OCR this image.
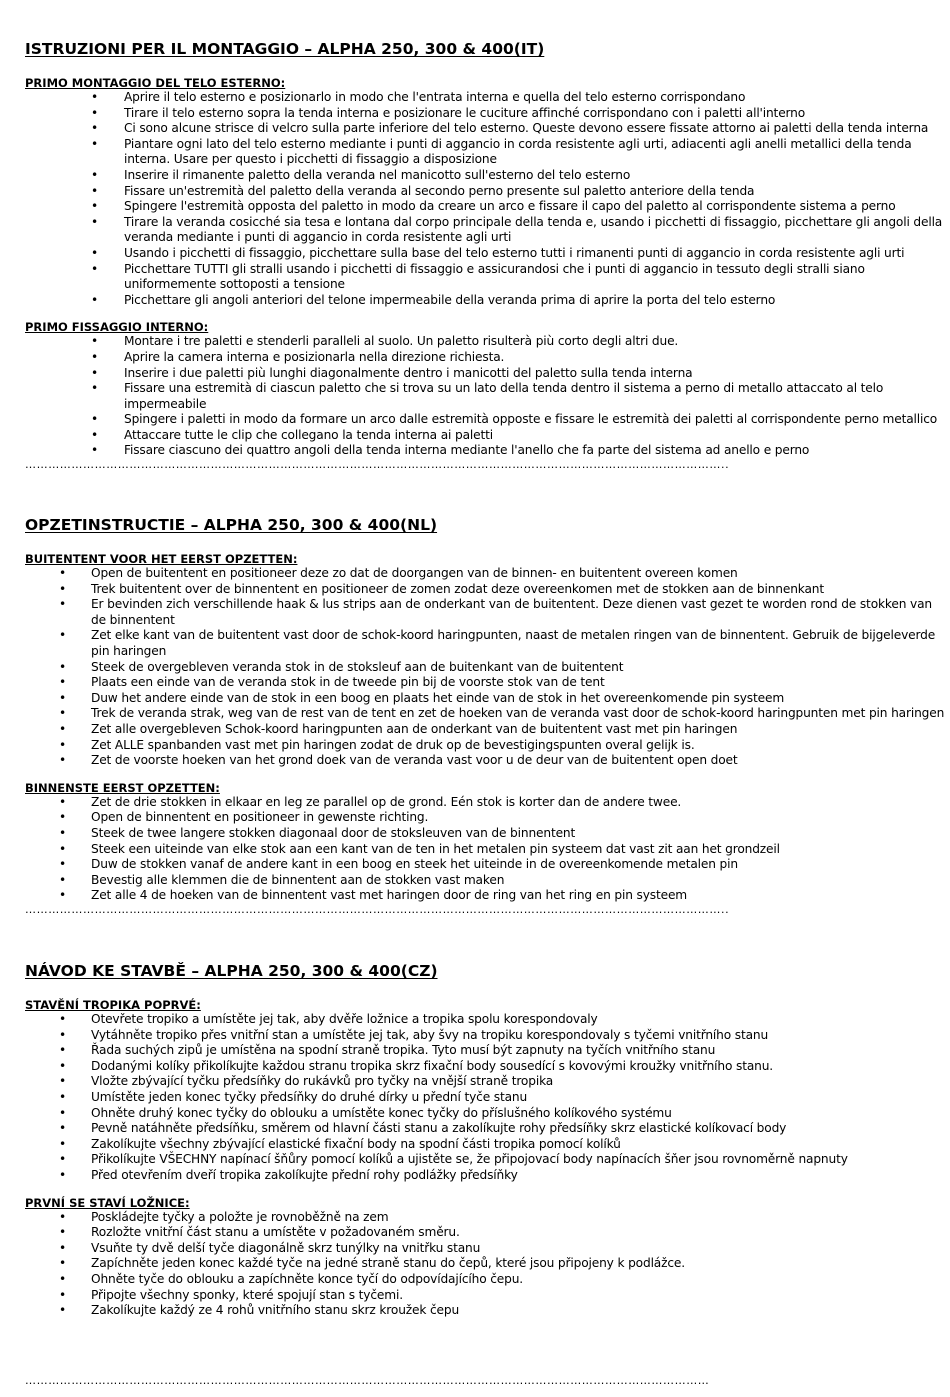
ISTRUZIONI PER IL MONTAGGIO – ALPHA 250, 300 & 400(IT)
PRIMO MONTAGGIO DEL TELO ESTERNO:
• Aprire il telo esterno e posizionarlo in modo che l'entrata interna e quella del telo esterno corrispondano
• Tirare il telo esterno sopra la tenda interna e posizionare le cuciture affinché corrispondano con i paletti all'interno
• Ci sono alcune strisce di velcro sulla parte inferiore del telo esterno. Queste devono essere fissate attorno ai paletti della tenda interna
• Piantare ogni lato del telo esterno mediante i punti di aggancio in corda resistente agli urti, adiacenti agli anelli metallici della tenda interna. Usare per questo i picchetti di fissaggio a disposizione
• Inserire il rimanente paletto della veranda nel manicotto sull'esterno del telo esterno
• Fissare un'estremità del paletto della veranda al secondo perno presente sul paletto anteriore della tenda
• Spingere l'estremità opposta del paletto in modo da creare un arco e fissare il capo del paletto al corrispondente sistema a perno
• Tirare la veranda cosicché sia tesa e lontana dal corpo principale della tenda e, usando i picchetti di fissaggio, picchettare gli angoli della veranda mediante i punti di aggancio in corda resistente agli urti
• Usando i picchetti di fissaggio, picchettare sulla base del telo esterno tutti i rimanenti punti di aggancio in corda resistente agli urti
• Picchettare TUTTI gli stralli usando i picchetti di fissaggio e assicurandosi che i punti di aggancio in tessuto degli stralli siano uniformemente sottoposti a tensione
• Picchettare gli angoli anteriori del telone impermeabile della veranda prima di aprire la porta del telo esterno
PRIMO FISSAGGIO INTERNO:
• Montare i tre paletti e stenderli paralleli al suolo. Un paletto risulterà più corto degli altri due.
• Aprire la camera interna e posizionarla nella direzione richiesta.
• Inserire i due paletti più lunghi diagonalmente dentro i manicotti del paletto sulla tenda interna
• Fissare una estremità di ciascun paletto che si trova su un lato della tenda dentro il sistema a perno di metallo attaccato al telo impermeabile
• Spingere i paletti in modo da formare un arco dalle estremità opposte e fissare le estremità dei paletti al corrispondente perno metallico
• Attaccare tutte le clip che collegano la tenda interna ai paletti
• Fissare ciascuno dei quattro angoli della tenda interna mediante l'anello che fa parte del sistema ad anello e perno
………………………………………………………………………………………………………………………………………………………………..
OPZETINSTRUCTIE – ALPHA 250, 300 & 400(NL)
BUITENTENT VOOR HET EERST OPZETTEN:
• Open de buitentent en positioneer deze zo dat de doorgangen van de binnen- en buitentent overeen komen
• Trek buitentent over de binnentent en positioneer de zomen zodat deze overeenkomen met de stokken aan de binnenkant
• Er bevinden zich verschillende haak & lus strips aan de onderkant van de buitentent. Deze dienen vast gezet te worden rond de stokken van de binnentent
• Zet elke kant van de buitentent vast door de schok-koord haringpunten, naast de metalen ringen van de binnentent. Gebruik de bijgeleverde pin haringen
• Steek de overgebleven veranda stok in de stoksleuf aan de buitenkant van de buitentent
• Plaats een einde van de veranda stok in de tweede pin bij de voorste stok van de tent
• Duw het andere einde van de stok in een boog en plaats het einde van de stok in het overeenkomende pin systeem
• Trek de veranda strak, weg van de rest van de tent en zet de hoeken van de veranda vast door de schok-koord haringpunten met pin haringen
• Zet alle overgebleven Schok-koord haringpunten aan de onderkant van de buitentent vast met pin haringen
• Zet ALLE spanbanden vast met pin haringen zodat de druk op de bevestigingspunten overal gelijk is.
• Zet de voorste hoeken van het grond doek van de veranda vast voor u de deur van de buitentent open doet
BINNENSTE EERST OPZETTEN:
• Zet de drie stokken in elkaar en leg ze parallel op de grond. Eén stok is korter dan de andere twee.
• Open de binnentent en positioneer in gewenste richting.
• Steek de twee langere stokken diagonaal door de stoksleuven van de binnentent
• Steek een uiteinde van elke stok aan een kant van de ten in het metalen pin systeem dat vast zit aan het grondzeil
• Duw de stokken vanaf de andere kant in een boog en steek het uiteinde in de overeenkomende metalen pin
• Bevestig alle klemmen die de binnentent aan de stokken vast maken
• Zet alle 4 de hoeken van de binnentent vast met haringen door de ring van het ring en pin systeem
………………………………………………………………………………………………………………………………………………………………..
NÁVOD KE STAVBĚ – ALPHA 250, 300 & 400(CZ)
STAVĚNÍ TROPIKA POPRVÉ:
• Otevřete tropiko a umístěte jej tak, aby dvěře ložnice a tropika spolu korespondovaly
• Vytáhněte tropiko přes vnitřní stan a umístěte jej tak, aby švy na tropiku korespondovaly s tyčemi vnitřního stanu
• Řada suchých zipů je umístěna na spodní straně tropika. Tyto musí být zapnuty na tyčích vnitřního stanu
• Dodanými kolíky přikolíkujte každou stranu tropika skrz fixační body sousedící s kovovými kroužky vnitřního stanu.
• Vložte zbývající tyčku předsíňky do rukávků pro tyčky na vnější straně tropika
• Umístěte jeden konec tyčky předsíňky do druhé dírky u přední tyče stanu
• Ohněte druhý konec tyčky do oblouku a umístěte konec tyčky do příslušného kolíkového systému
• Pevně natáhněte předsíňku, směrem od hlavní části stanu a zakolíkujte rohy předsíňky skrz elastické kolíkovací body
• Zakolíkujte všechny zbývající elastické fixační body na spodní části tropika pomocí kolíků
• Přikolíkujte VŠECHNY napínací šňůry pomocí kolíků a ujistěte se, že připojovací body napínacích šňer jsou rovnoměrně napnuty
• Před otevřením dveří tropika zakolíkujte přední rohy podlážky předsíňky
PRVNÍ SE STAVÍ LOŽNICE:
• Poskládejte tyčky a položte je rovnoběžně na zem
• Rozložte vnitřní část stanu a umístěte v požadovaném směru.
• Vsuňte ty dvě delší tyče diagonálně skrz tunýlky na vnitřku stanu
• Zapíchněte jeden konec každé tyče na jedné straně stanu do čepů, které jsou připojeny k podlážce.
• Ohněte tyče do oblouku a zapíchněte konce tyčí do odpovídajícího čepu.
• Připojte všechny sponky, které spojují stan s tyčemi.
• Zakolíkujte každý ze 4 rohů vnitřního stanu skrz kroužek čepu
……………………………………………………………………………………………………………………………………………………………
